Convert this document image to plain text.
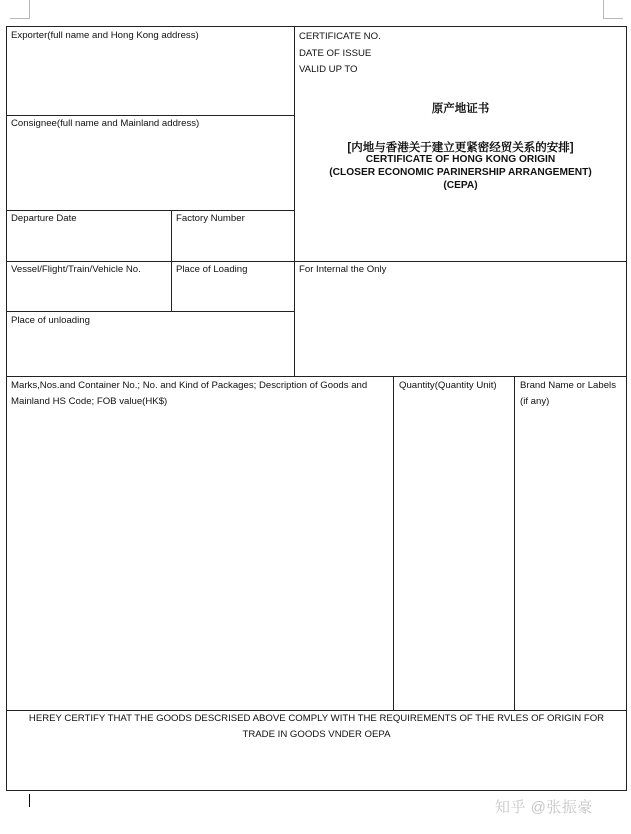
Exporter(full name and Hong Kong address)
Consignee(full name and Mainland address)
Departure Date	Factory Number
Vessel/Flight/Train/Vehicle No.	Place of Loading
Place of unloading
CERTIFICATE NO.
DATE OF ISSUE
VALID UP TO
原产地证书
[内地与香港关于建立更紧密经贸关系的安排]
CERTIFICATE OF HONG KONG ORIGIN
(CLOSER ECONOMIC PARINERSHIP ARRANGEMENT)
(CEPA)
For Internal the Only
Marks,Nos.and Container No.; No. and Kind of Packages; Description of Goods and Mainland HS Code; FOB value(HK$)
Quantity(Quantity Unit) Brand Name or Labels (if any)
HEREY CERTIFY THAT THE GOODS DESCRISED ABOVE COMPLY WITH THE REQUIREMENTS OF THE RVLES OF ORIGIN FOR TRADE IN GOODS VNDER OEPA
知乎 @张振豪
